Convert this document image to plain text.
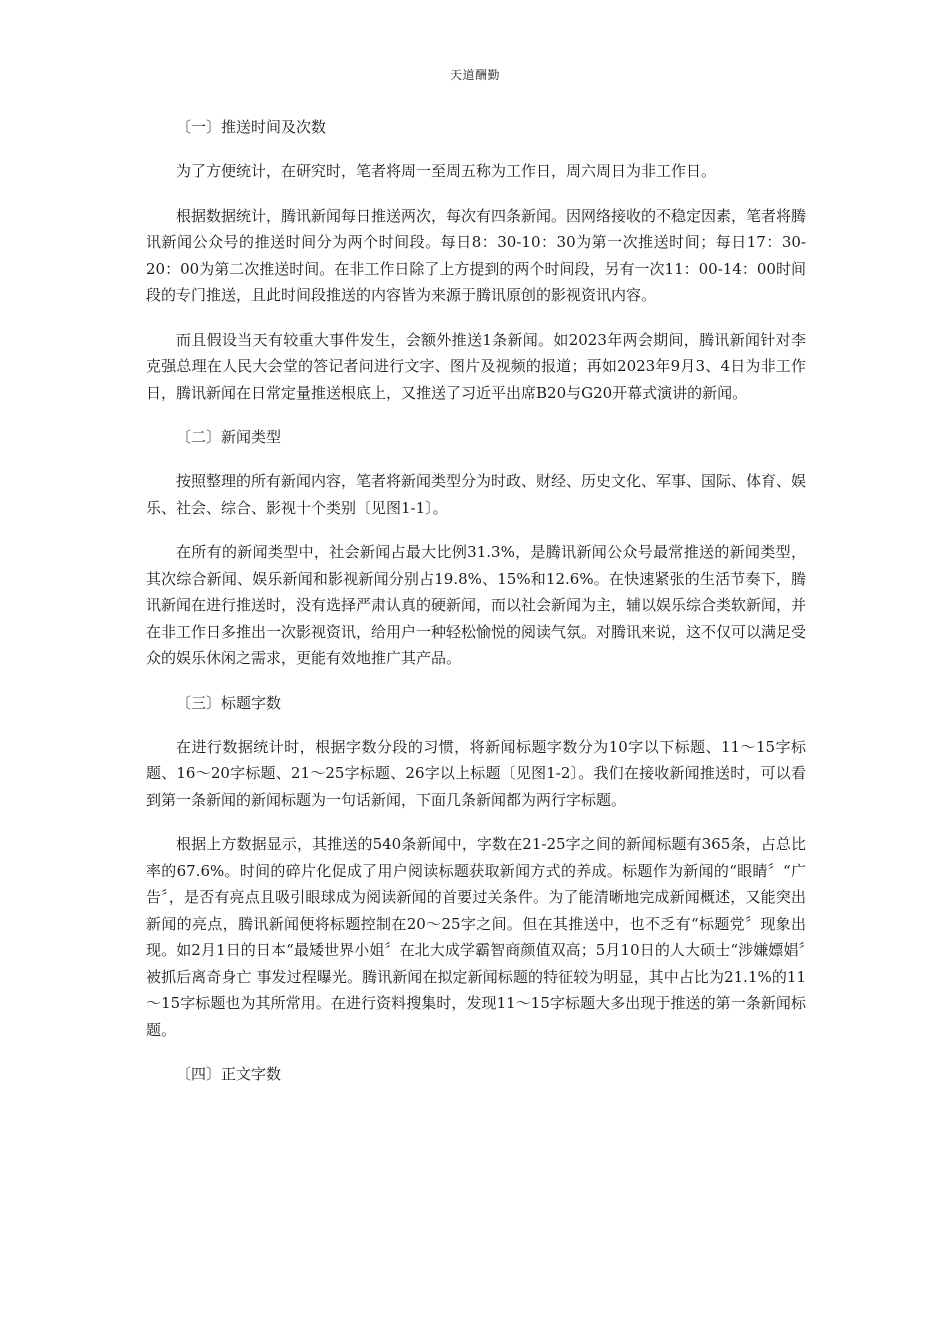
天道酬勤
〔一〕推送时间及次数

为了方便统计，在研究时，笔者将周一至周五称为工作日，周六周日为非工作日。

根据数据统计，腾讯新闻每日推送两次，每次有四条新闻。因网络接收的不稳定因素，笔者将腾讯新闻公众号的推送时间分为两个时间段。每日8：30-10：30为第一次推送时间；每日17：30-20：00为第二次推送时间。在非工作日除了上方提到的两个时间段，另有一次11：00-14：00时间段的专门推送，且此时间段推送的内容皆为来源于腾讯原创的影视资讯内容。

而且假设当天有较重大事件发生，会额外推送1条新闻。如2023年两会期间，腾讯新闻针对李克强总理在人民大会堂的答记者问进行文字、图片及视频的报道；再如2023年9月3、4日为非工作日，腾讯新闻在日常定量推送根底上，又推送了习近平出席B20与G20开幕式演讲的新闻。

〔二〕新闻类型

按照整理的所有新闻内容，笔者将新闻类型分为时政、财经、历史文化、军事、国际、体育、娱乐、社会、综合、影视十个类别〔见图1-1〕。

在所有的新闻类型中，社会新闻占最大比例31.3%，是腾讯新闻公众号最常推送的新闻类型，其次综合新闻、娱乐新闻和影视新闻分别占19.8%、15%和12.6%。在快速紧张的生活节奏下，腾讯新闻在进行推送时，没有选择严肃认真的硬新闻，而以社会新闻为主，辅以娱乐综合类软新闻，并在非工作日多推出一次影视资讯，给用户一种轻松愉悦的阅读气氛。对腾讯来说，这不仅可以满足受众的娱乐休闲之需求，更能有效地推广其产品。

〔三〕标题字数

在进行数据统计时，根据字数分段的习惯，将新闻标题字数分为10字以下标题、11～15字标题、16～20字标题、21～25字标题、26字以上标题〔见图1-2〕。我们在接收新闻推送时，可以看到第一条新闻的新闻标题为一句话新闻，下面几条新闻都为两行字标题。

根据上方数据显示，其推送的540条新闻中，字数在21-25字之间的新闻标题有365条，占总比率的67.6%。时间的碎片化促成了用户阅读标题获取新闻方式的养成。标题作为新闻的“眼睛〞“广告〞，是否有亮点且吸引眼球成为阅读新闻的首要过关条件。为了能清晰地完成新闻概述，又能突出新闻的亮点，腾讯新闻便将标题控制在20～25字之间。但在其推送中，也不乏有“标题党〞现象出现。如2月1日的日本“最矮世界小姐〞在北大成学霸智商颜值双高；5月10日的人大硕士“涉嫌嫖娼〞被抓后离奇身亡 事发过程曝光。腾讯新闻在拟定新闻标题的特征较为明显，其中占比为21.1%的11～15字标题也为其所常用。在进行资料搜集时，发现11～15字标题大多出现于推送的第一条新闻标题。

〔四〕正文字数
